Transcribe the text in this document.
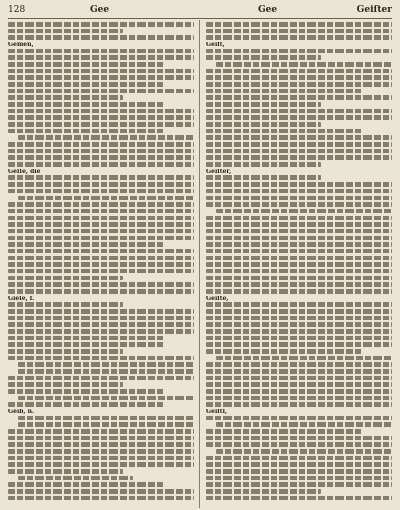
128	Gee	Gee	Geiſter
Gemen,
Geſſe, die
Gieſe, f.
Geib, n.
Geiſt,
Geiſter,
Geiſte,
Geiſtl,
